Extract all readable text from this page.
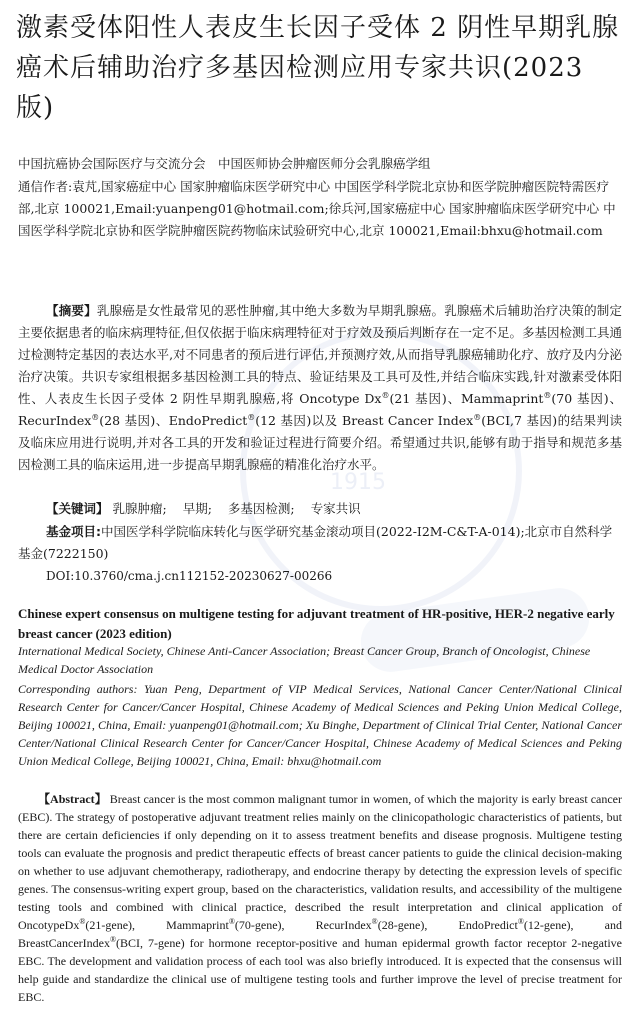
1915
激素受体阳性人表皮生长因子受体 2 阴性早期乳腺癌术后辅助治疗多基因检测应用专家共识(2023 版)
中国抗癌协会国际医疗与交流分会　中国医师协会肿瘤医师分会乳腺癌学组
通信作者:袁芃,国家癌症中心 国家肿瘤临床医学研究中心 中国医学科学院北京协和医学院肿瘤医院特需医疗部,北京 100021,Email:yuanpeng01@hotmail.com;徐兵河,国家癌症中心 国家肿瘤临床医学研究中心 中国医学科学院北京协和医学院肿瘤医院药物临床试验研究中心,北京 100021,Email:bhxu@hotmail.com
【摘要】乳腺癌是女性最常见的恶性肿瘤,其中绝大多数为早期乳腺癌。乳腺癌术后辅助治疗决策的制定主要依据患者的临床病理特征,但仅依据于临床病理特征对于疗效及预后判断存在一定不足。多基因检测工具通过检测特定基因的表达水平,对不同患者的预后进行评估,并预测疗效,从而指导乳腺癌辅助化疗、放疗及内分泌治疗决策。共识专家组根据多基因检测工具的特点、验证结果及工具可及性,并结合临床实践,针对激素受体阳性、人表皮生长因子受体 2 阴性早期乳腺癌,将 Oncotype Dx®(21 基因)、Mammaprint®(70 基因)、RecurIndex®(28 基因)、EndoPredict®(12 基因)以及 Breast Cancer Index®(BCI,7 基因)的结果判读及临床应用进行说明,并对各工具的开发和验证过程进行简要介绍。希望通过共识,能够有助于指导和规范多基因检测工具的临床运用,进一步提高早期乳腺癌的精准化治疗水平。
【关键词】 乳腺肿瘤; 早期; 多基因检测; 专家共识
基金项目:中国医学科学院临床转化与医学研究基金滚动项目(2022-I2M-C&T-A-014);北京市自然科学基金(7222150)
DOI:10.3760/cma.j.cn112152-20230627-00266
Chinese expert consensus on multigene testing for adjuvant treatment of HR-positive, HER-2 negative early breast cancer (2023 edition)
International Medical Society, Chinese Anti-Cancer Association; Breast Cancer Group, Branch of Oncologist, Chinese Medical Doctor Association
Corresponding authors: Yuan Peng, Department of VIP Medical Services, National Cancer Center/National Clinical Research Center for Cancer/Cancer Hospital, Chinese Academy of Medical Sciences and Peking Union Medical College, Beijing 100021, China, Email: yuanpeng01@hotmail.com; Xu Binghe, Department of Clinical Trial Center, National Cancer Center/National Clinical Research Center for Cancer/Cancer Hospital, Chinese Academy of Medical Sciences and Peking Union Medical College, Beijing 100021, China, Email: bhxu@hotmail.com
【Abstract】 Breast cancer is the most common malignant tumor in women, of which the majority is early breast cancer (EBC). The strategy of postoperative adjuvant treatment relies mainly on the clinicopathologic characteristics of patients, but there are certain deficiencies if only depending on it to assess treatment benefits and disease prognosis. Multigene testing tools can evaluate the prognosis and predict therapeutic effects of breast cancer patients to guide the clinical decision-making on whether to use adjuvant chemotherapy, radiotherapy, and endocrine therapy by detecting the expression levels of specific genes. The consensus-writing expert group, based on the characteristics, validation results, and accessibility of the multigene testing tools and combined with clinical practice, described the result interpretation and clinical application of OncotypeDx®(21-gene), Mammaprint®(70-gene), RecurIndex®(28-gene), EndoPredict®(12-gene), and BreastCancerIndex®(BCI, 7-gene) for hormone receptor-positive and human epidermal growth factor receptor 2-negative EBC. The development and validation process of each tool was also briefly introduced. It is expected that the consensus will help guide and standardize the clinical use of multigene testing tools and further improve the level of precise treatment for EBC.
